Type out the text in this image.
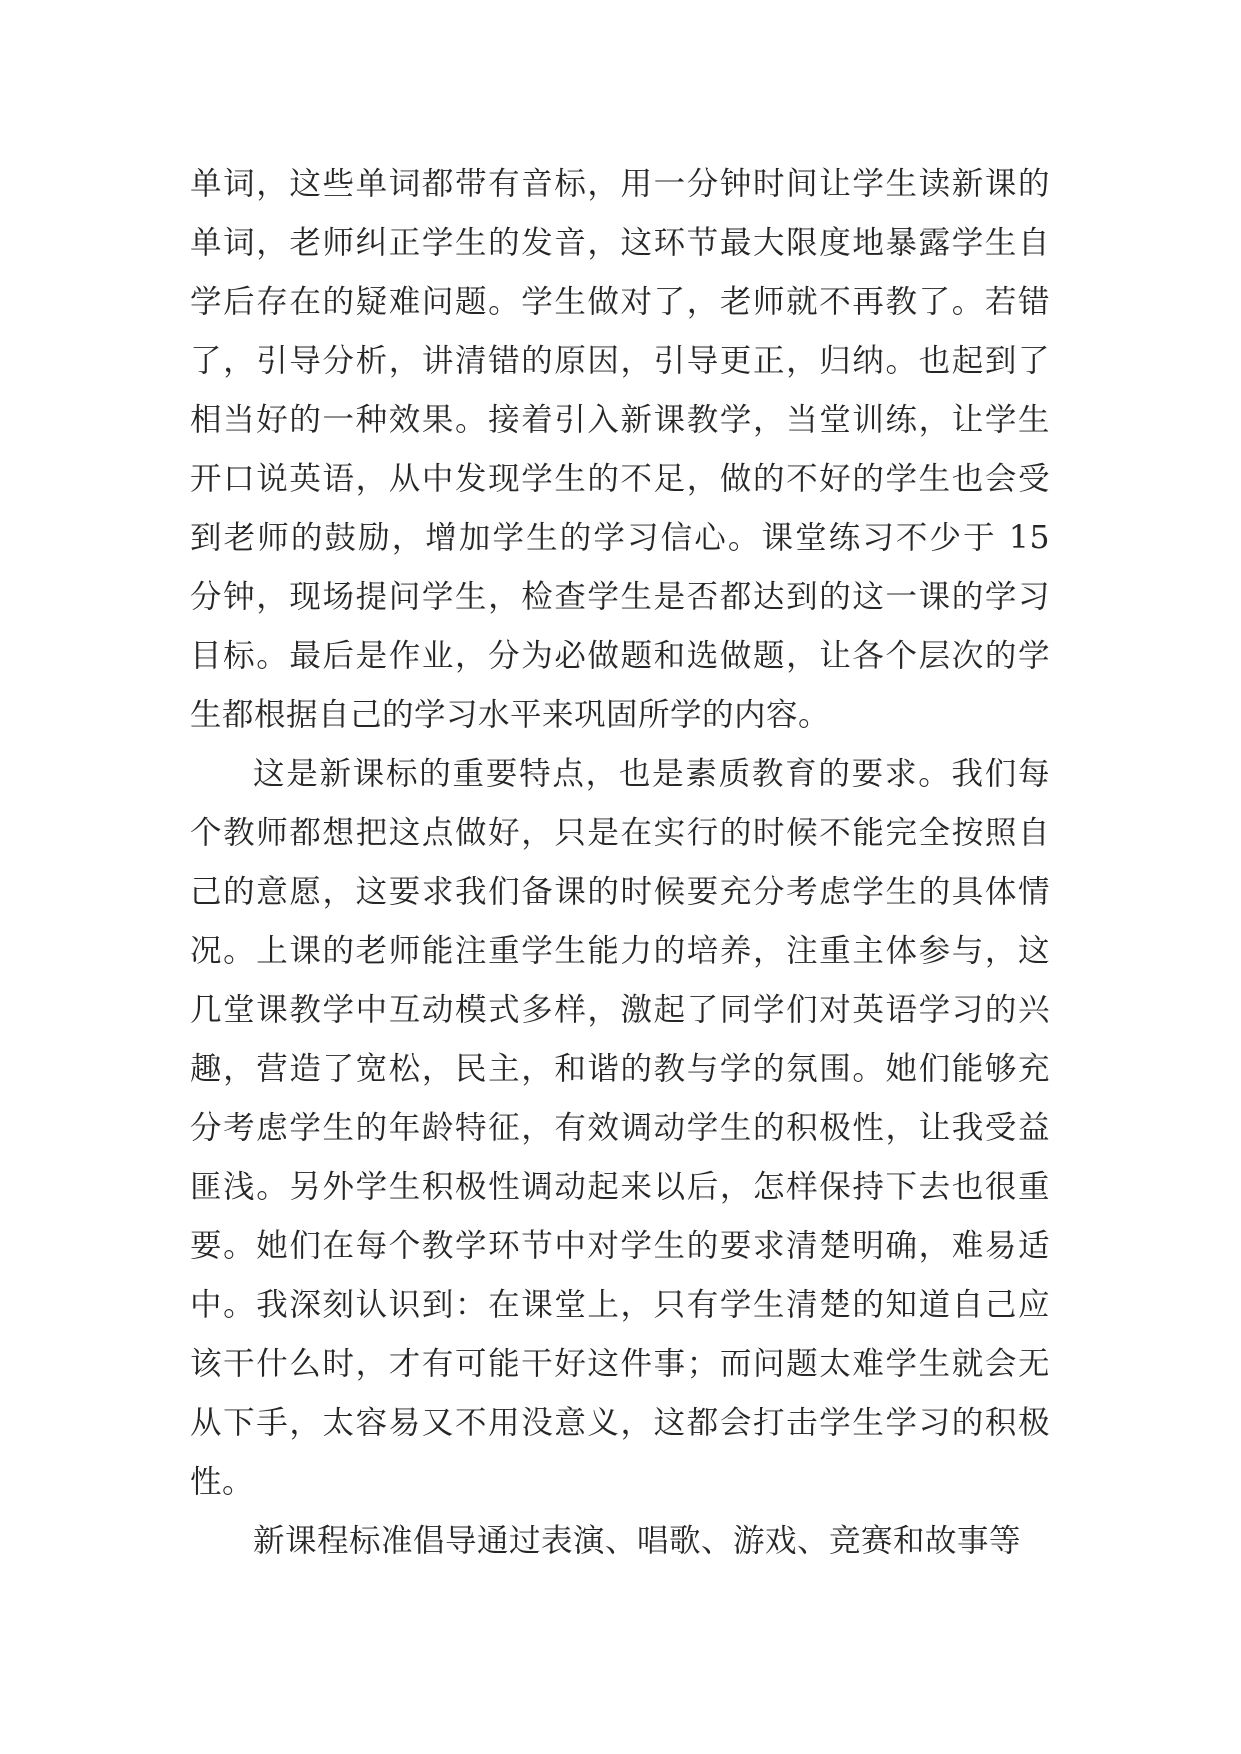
单词，这些单词都带有音标，用一分钟时间让学生读新课的单词，老师纠正学生的发音，这环节最大限度地暴露学生自学后存在的疑难问题。学生做对了，老师就不再教了。若错了，引导分析，讲清错的原因，引导更正，归纳。也起到了相当好的一种效果。接着引入新课教学，当堂训练，让学生开口说英语，从中发现学生的不足，做的不好的学生也会受到老师的鼓励，增加学生的学习信心。课堂练习不少于 15 分钟，现场提问学生，检查学生是否都达到的这一课的学习目标。最后是作业，分为必做题和选做题，让各个层次的学生都根据自己的学习水平来巩固所学的内容。

这是新课标的重要特点，也是素质教育的要求。我们每个教师都想把这点做好，只是在实行的时候不能完全按照自己的意愿，这要求我们备课的时候要充分考虑学生的具体情况。上课的老师能注重学生能力的培养，注重主体参与，这几堂课教学中互动模式多样，激起了同学们对英语学习的兴趣，营造了宽松，民主，和谐的教与学的氛围。她们能够充分考虑学生的年龄特征，有效调动学生的积极性，让我受益匪浅。另外学生积极性调动起来以后，怎样保持下去也很重要。她们在每个教学环节中对学生的要求清楚明确，难易适中。我深刻认识到：在课堂上，只有学生清楚的知道自己应该干什么时，才有可能干好这件事；而问题太难学生就会无从下手，太容易又不用没意义，这都会打击学生学习的积极性。

新课程标准倡导通过表演、唱歌、游戏、竞赛和故事等
